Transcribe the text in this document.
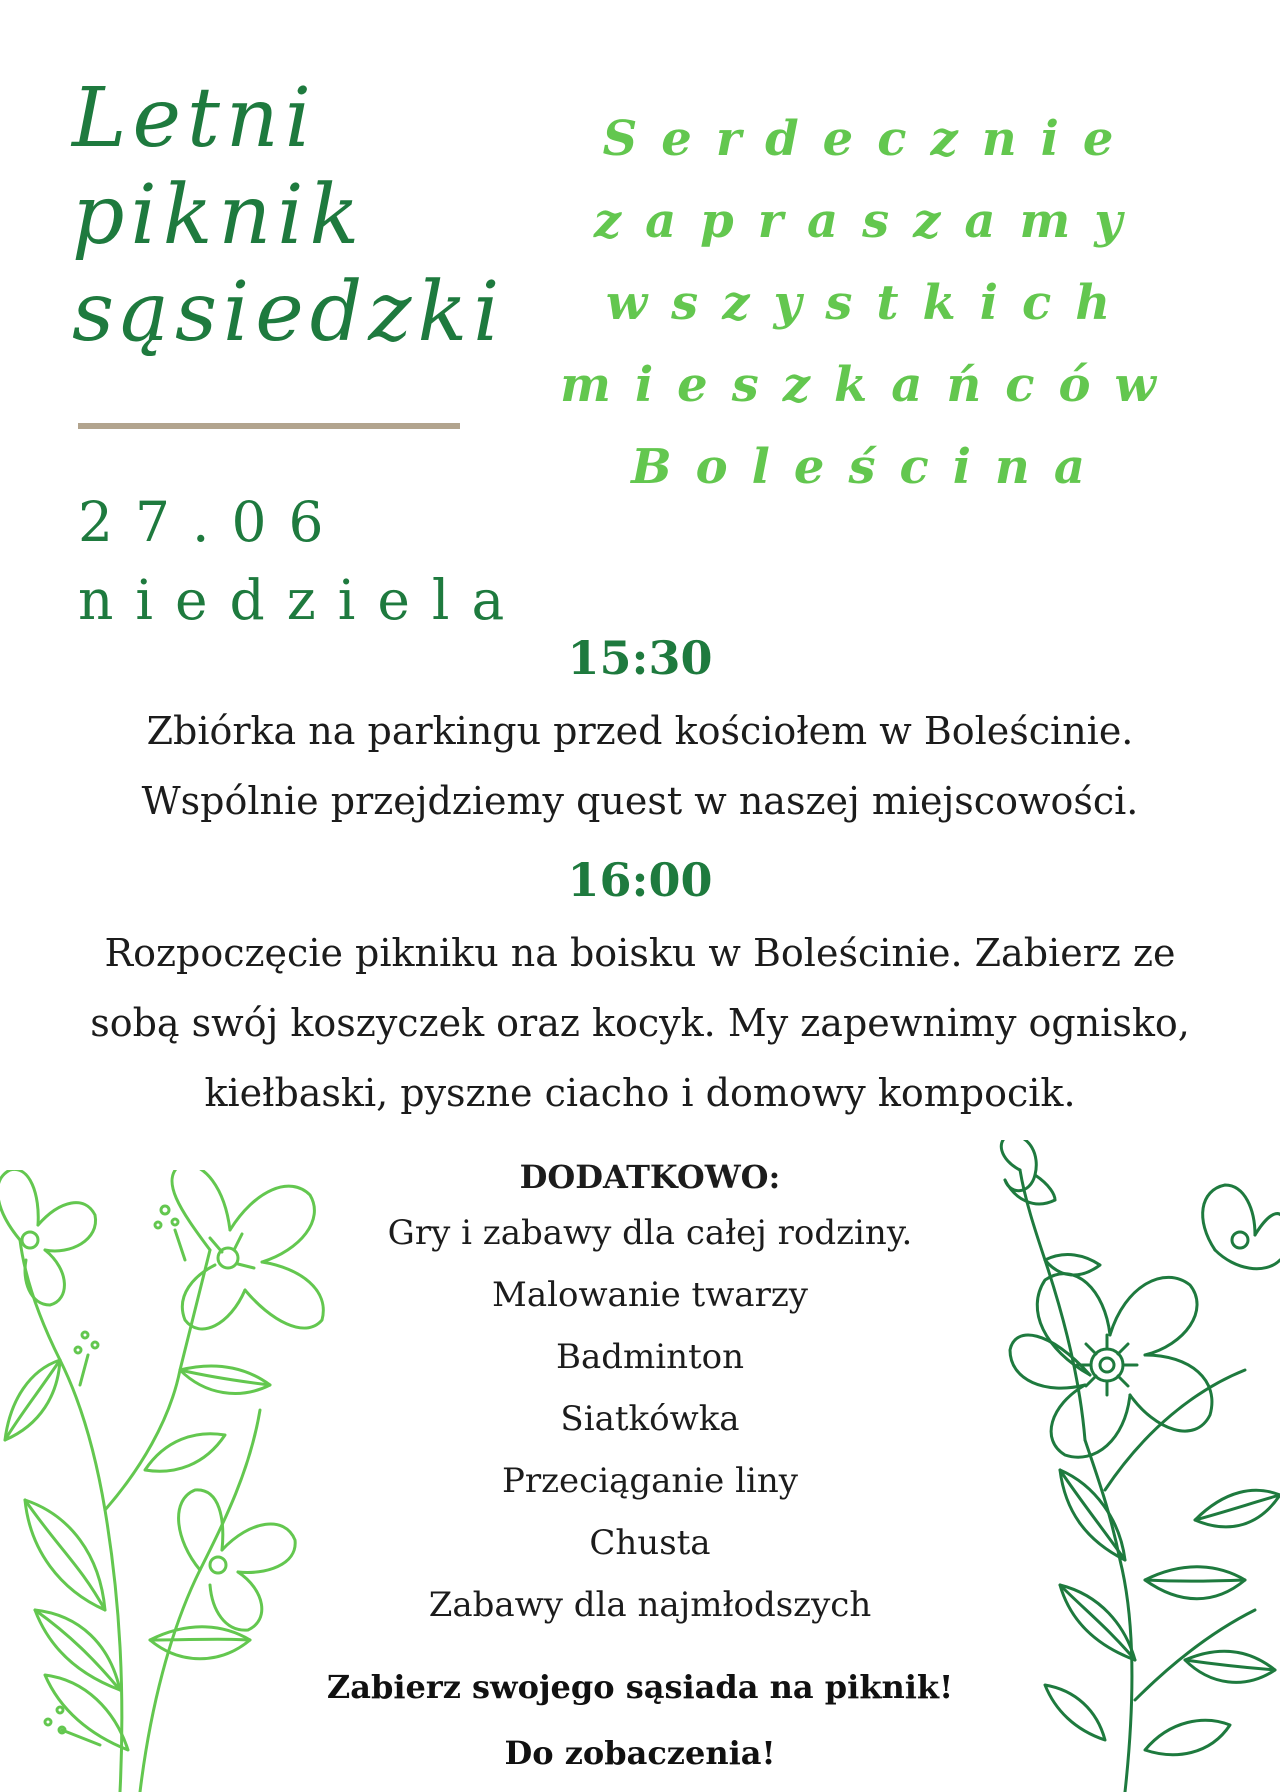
Letni
piknik
sąsiedzki
Serdecznie
zapraszamy
wszystkich
mieszkańców
Boleścina
27.06
niedziela
15:30
Zbiórka na parkingu przed kościołem w Boleścinie.
Wspólnie przejdziemy quest w naszej miejscowości.
16:00
Rozpoczęcie pikniku na boisku w Boleścinie. Zabierz ze
sobą swój koszyczek oraz kocyk. My zapewnimy ognisko,
kiełbaski, pyszne ciacho i domowy kompocik.
DODATKOWO:
Gry i zabawy dla całej rodziny.
Malowanie twarzy
Badminton
Siatkówka
Przeciąganie liny
Chusta
Zabawy dla najmłodszych
Zabierz swojego sąsiada na piknik!
Do zobaczenia!
